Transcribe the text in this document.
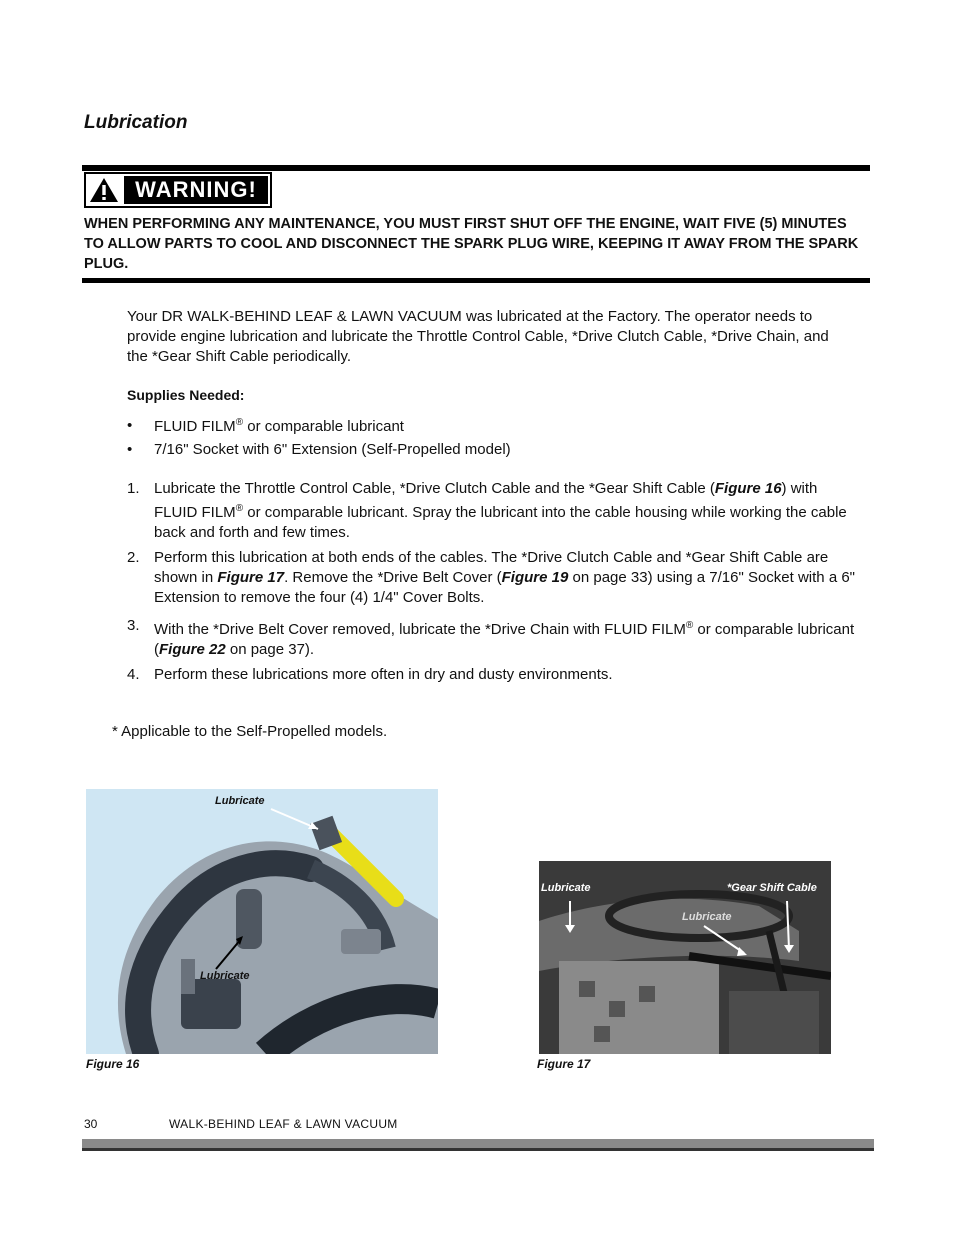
Lubrication
WARNING!
WHEN PERFORMING ANY MAINTENANCE, YOU MUST FIRST SHUT OFF THE ENGINE, WAIT FIVE (5) MINUTES TO ALLOW PARTS TO COOL AND DISCONNECT THE SPARK PLUG WIRE, KEEPING IT AWAY FROM THE SPARK PLUG.
Your DR WALK-BEHIND LEAF & LAWN VACUUM was lubricated at the Factory. The operator needs to provide engine lubrication and lubricate the Throttle Control Cable, *Drive Clutch Cable, *Drive Chain, and the *Gear Shift Cable periodically.
Supplies Needed:
•	FLUID FILM® or comparable lubricant
•	7/16" Socket with 6" Extension (Self-Propelled model)
1. Lubricate the Throttle Control Cable, *Drive Clutch Cable and the *Gear Shift Cable (Figure 16) with FLUID FILM® or comparable lubricant. Spray the lubricant into the cable housing while working the cable back and forth and few times.
2. Perform this lubrication at both ends of the cables. The *Drive Clutch Cable and *Gear Shift Cable are shown in Figure 17. Remove the *Drive Belt Cover (Figure 19 on page 33) using a 7/16" Socket with a 6" Extension to remove the four (4) 1/4" Cover Bolts.
3. With the *Drive Belt Cover removed, lubricate the *Drive Chain with FLUID FILM® or comparable lubricant (Figure 22 on page 37).
4. Perform these lubrications more often in dry and dusty environments.
* Applicable to the Self-Propelled models.
Lubricate
Lubricate
Figure 16
Lubricate	*Gear Shift Cable
Lubricate
Figure 17
30	WALK-BEHIND LEAF & LAWN VACUUM
